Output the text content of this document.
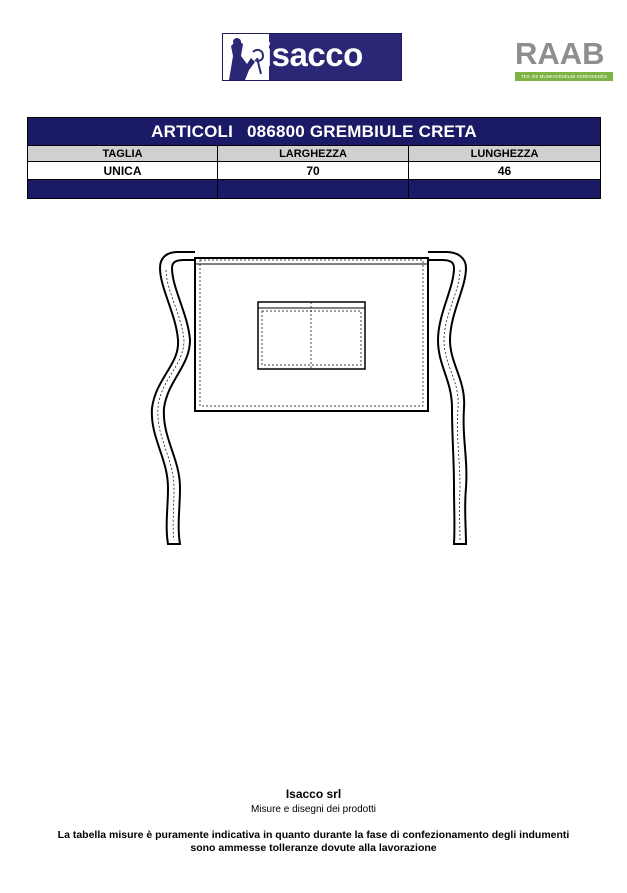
isacco	RAAB
TEX- ÉS MUNKAVÉDELMI KERESKEDÉS
ARTICOLI 086800 GREMBIULE CRETA		
TAGLIA	LARGHEZZA	LUNGHEZZA
UNICA	70	46

Isacco srl
Misure e disegni dei prodotti
La tabella misure è puramente indicativa in quanto durante la fase di confezionamento degli indumenti
sono ammesse tolleranze dovute alla lavorazione
